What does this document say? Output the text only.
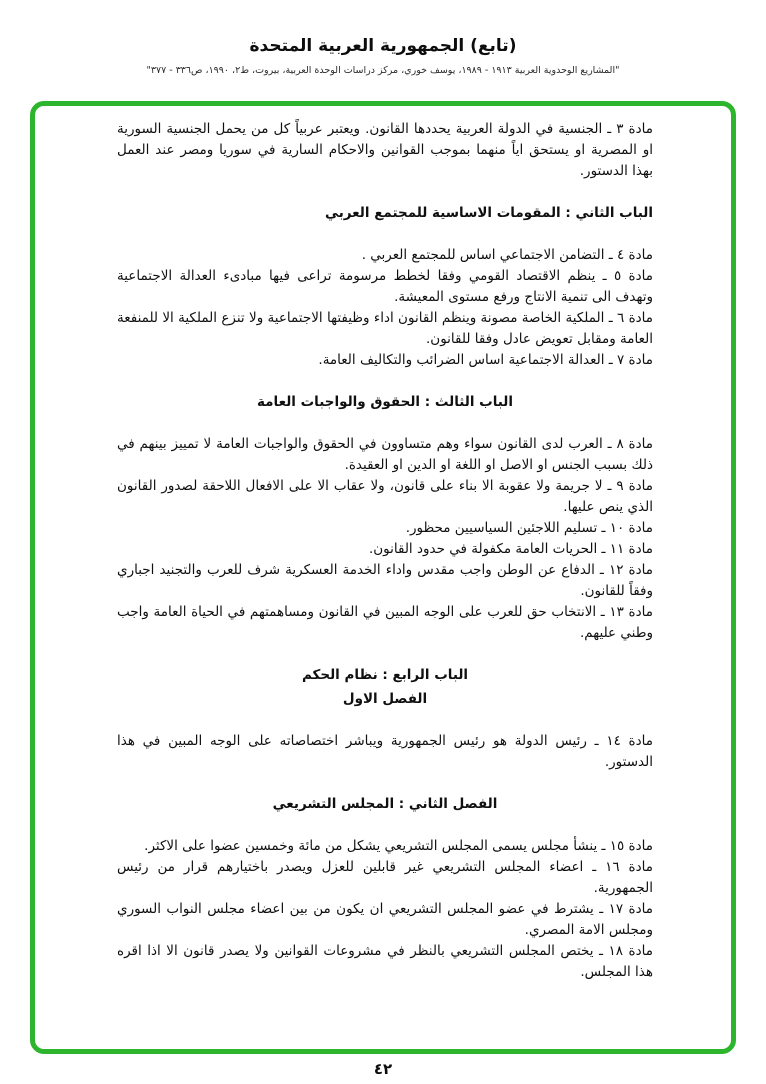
(تابع) الجمهورية العربية المتحدة
"المشاريع الوحدوية العربية ١٩١٣ - ١٩٨٩، يوسف خوري، مركز دراسات الوحدة العربية، بيروت، ط٢، ١٩٩٠، ص٣٣٦ - ٣٧٧"
مادة ٣ ـ الجنسية في الدولة العربية يحددها القانون. ويعتبر عربياً كل من يحمل الجنسية السورية او المصرية او يستحق اياً منهما بموجب القوانين والاحكام السارية في سوريا ومصر عند العمل بهذا الدستور.
الباب الثاني : المقومات الاساسية للمجتمع العربي
مادة ٤ ـ التضامن الاجتماعي اساس للمجتمع العربي .
مادة ٥ ـ ينظم الاقتصاد القومي وفقا لخطط مرسومة تراعى فيها مبادىء العدالة الاجتماعية وتهدف الى تنمية الانتاج ورفع مستوى المعيشة.
مادة ٦ ـ الملكية الخاصة مصونة وينظم القانون اداء وظيفتها الاجتماعية ولا تنزع الملكية الا للمنفعة العامة ومقابل تعويض عادل وفقا للقانون.
مادة ٧ ـ العدالة الاجتماعية اساس الضرائب والتكاليف العامة.
الباب الثالث : الحقوق والواجبات العامة
مادة ٨ ـ العرب لدى القانون سواء وهم متساوون في الحقوق والواجبات العامة لا تمييز بينهم في ذلك بسبب الجنس او الاصل او اللغة او الدين او العقيدة.
مادة ٩ ـ لا جريمة ولا عقوبة الا بناء على قانون، ولا عقاب الا على الافعال اللاحقة لصدور القانون الذي ينص عليها.
مادة ١٠ ـ تسليم اللاجئين السياسيين محظور.
مادة ١١ ـ الحريات العامة مكفولة في حدود القانون.
مادة ١٢ ـ الدفاع عن الوطن واجب مقدس واداء الخدمة العسكرية شرف للعرب والتجنيد اجباري وفقاً للقانون.
مادة ١٣ ـ الانتخاب حق للعرب على الوجه المبين في القانون ومساهمتهم في الحياة العامة واجب وطني عليهم.
الباب الرابع : نظام الحكم
الفصل الاول
مادة ١٤ ـ رئيس الدولة هو رئيس الجمهورية ويباشر اختصاصاته على الوجه المبين في هذا الدستور.
الفصل الثاني : المجلس التشريعي
مادة ١٥ ـ ينشأ مجلس يسمى المجلس التشريعي يشكل من مائة وخمسين عضوا على الاكثر.
مادة ١٦ ـ اعضاء المجلس التشريعي غير قابلين للعزل ويصدر باختيارهم قرار من رئيس الجمهورية.
مادة ١٧ ـ يشترط في عضو المجلس التشريعي ان يكون من بين اعضاء مجلس النواب السوري ومجلس الامة المصري.
مادة ١٨ ـ يختص المجلس التشريعي بالنظر في مشروعات القوانين ولا يصدر قانون الا اذا اقره هذا المجلس.
٤٢
